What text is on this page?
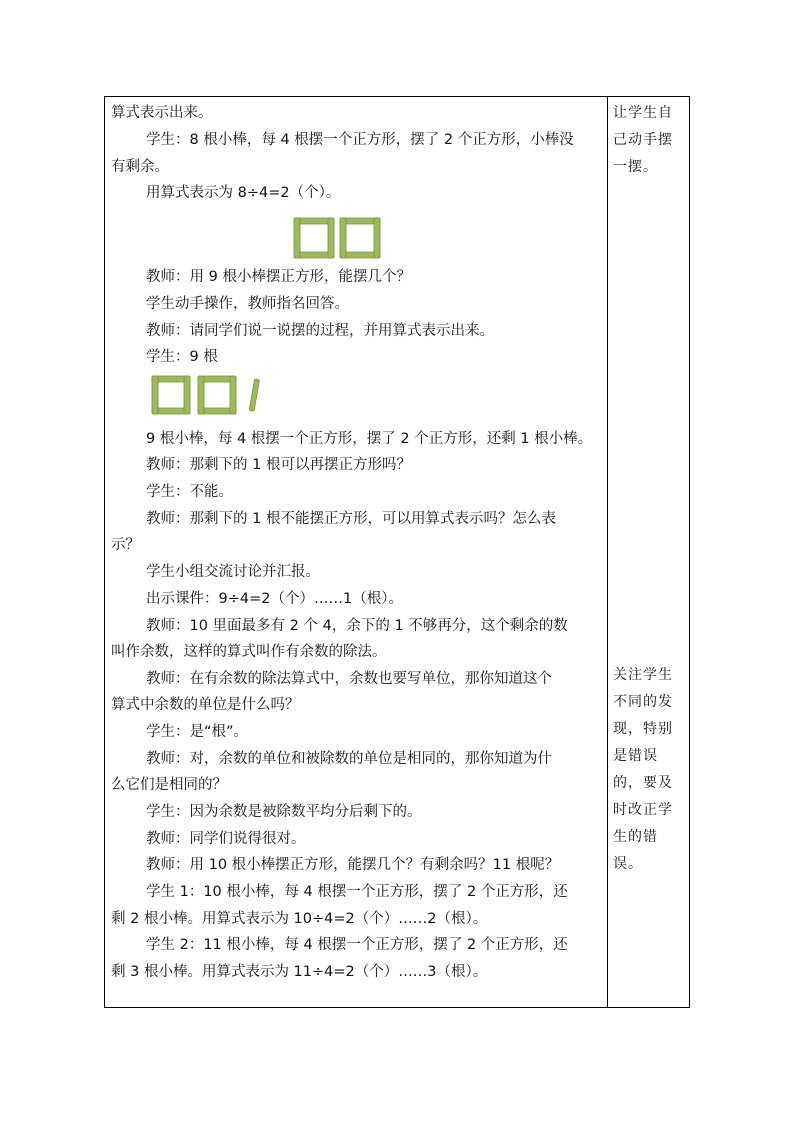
算式表示出来。
学生：8 根小棒，每 4 根摆一个正方形，摆了 2 个正方形，小棒没
有剩余。
用算式表示为 8÷4=2（个）。
教师：用 9 根小棒摆正方形，能摆几个？
学生动手操作，教师指名回答。
教师：请同学们说一说摆的过程，并用算式表示出来。
学生：9 根
9 根小棒，每 4 根摆一个正方形，摆了 2 个正方形，还剩 1 根小棒。
教师：那剩下的 1 根可以再摆正方形吗？
学生：不能。
教师：那剩下的 1 根不能摆正方形，可以用算式表示吗？怎么表
示？
学生小组交流讨论并汇报。
出示课件：9÷4=2（个）……1（根）。
教师：10 里面最多有 2 个 4，余下的 1 不够再分，这个剩余的数
叫作余数，这样的算式叫作有余数的除法。
教师：在有余数的除法算式中，余数也要写单位，那你知道这个
算式中余数的单位是什么吗？
学生：是“根”。
教师：对，余数的单位和被除数的单位是相同的，那你知道为什
么它们是相同的？
学生：因为余数是被除数平均分后剩下的。
教师：同学们说得很对。
教师：用 10 根小棒摆正方形，能摆几个？有剩余吗？11 根呢？
学生 1：10 根小棒，每 4 根摆一个正方形，摆了 2 个正方形，还
剩 2 根小棒。用算式表示为 10÷4=2（个）……2（根）。
学生 2：11 根小棒，每 4 根摆一个正方形，摆了 2 个正方形，还
剩 3 根小棒。用算式表示为 11÷4=2（个）……3（根）。
让学生自
己动手摆
一摆。
关注学生
不同的发
现，特别
是错误
的，要及
时改正学
生的错
误。
